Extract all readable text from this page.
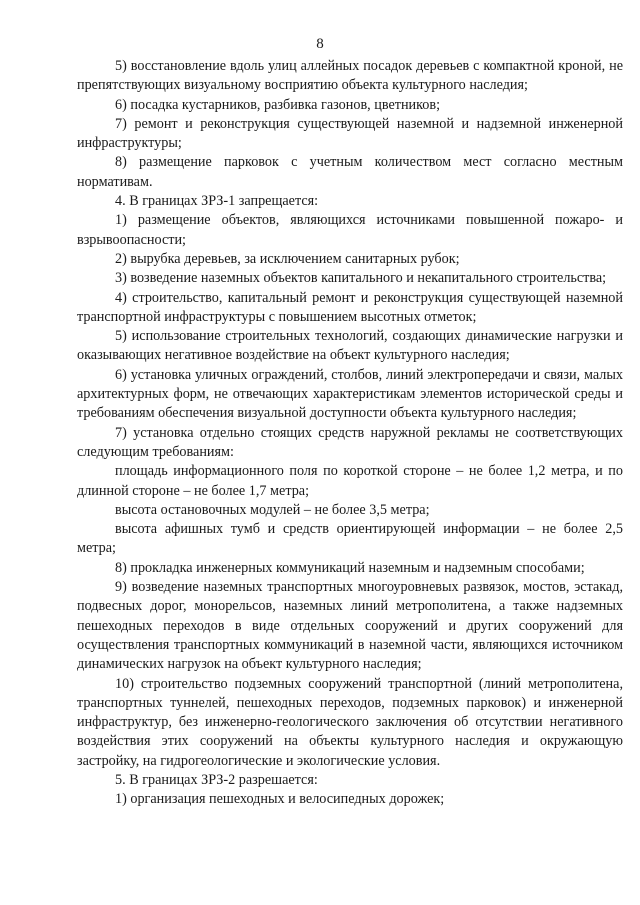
8

5) восстановление вдоль улиц аллейных посадок деревьев с компактной кроной, не препятствующих визуальному восприятию объекта культурного наследия;

6) посадка кустарников, разбивка газонов, цветников;

7) ремонт и реконструкция существующей наземной и надземной инженерной инфраструктуры;

8) размещение парковок с учетным количеством мест согласно местным нормативам.

4. В границах ЗРЗ-1 запрещается:

1) размещение объектов, являющихся источниками повышенной пожаро- и взрывоопасности;

2) вырубка деревьев, за исключением санитарных рубок;

3) возведение наземных объектов капитального и некапитального строительства;

4) строительство, капитальный ремонт и реконструкция существующей наземной транспортной инфраструктуры с повышением высотных отметок;

5) использование строительных технологий, создающих динамические нагрузки и оказывающих негативное воздействие на объект культурного наследия;

6) установка уличных ограждений, столбов, линий электропередачи и связи, малых архитектурных форм, не отвечающих характеристикам элементов исторической среды и требованиям обеспечения визуальной доступности объекта культурного наследия;

7) установка отдельно стоящих средств наружной рекламы не соответствующих следующим требованиям:

площадь информационного поля по короткой стороне – не более 1,2 метра, и по длинной стороне – не более 1,7 метра;

высота остановочных модулей – не более 3,5 метра;

высота афишных тумб и средств ориентирующей информации – не более 2,5 метра;

8) прокладка инженерных коммуникаций наземным и надземным способами;

9) возведение наземных транспортных многоуровневых развязок, мостов, эстакад, подвесных дорог, монорельсов, наземных линий метрополитена, а также надземных пешеходных переходов в виде отдельных сооружений и других сооружений для осуществления транспортных коммуникаций в наземной части, являющихся источником динамических нагрузок на объект культурного наследия;

10) строительство подземных сооружений транспортной (линий метрополитена, транспортных туннелей, пешеходных переходов, подземных парковок) и инженерной инфраструктур, без инженерно-геологического заключения об отсутствии негативного воздействия этих сооружений на объекты культурного наследия и окружающую застройку, на гидрогеологические и экологические условия.

5. В границах ЗРЗ-2 разрешается:

1) организация пешеходных и велосипедных дорожек;
